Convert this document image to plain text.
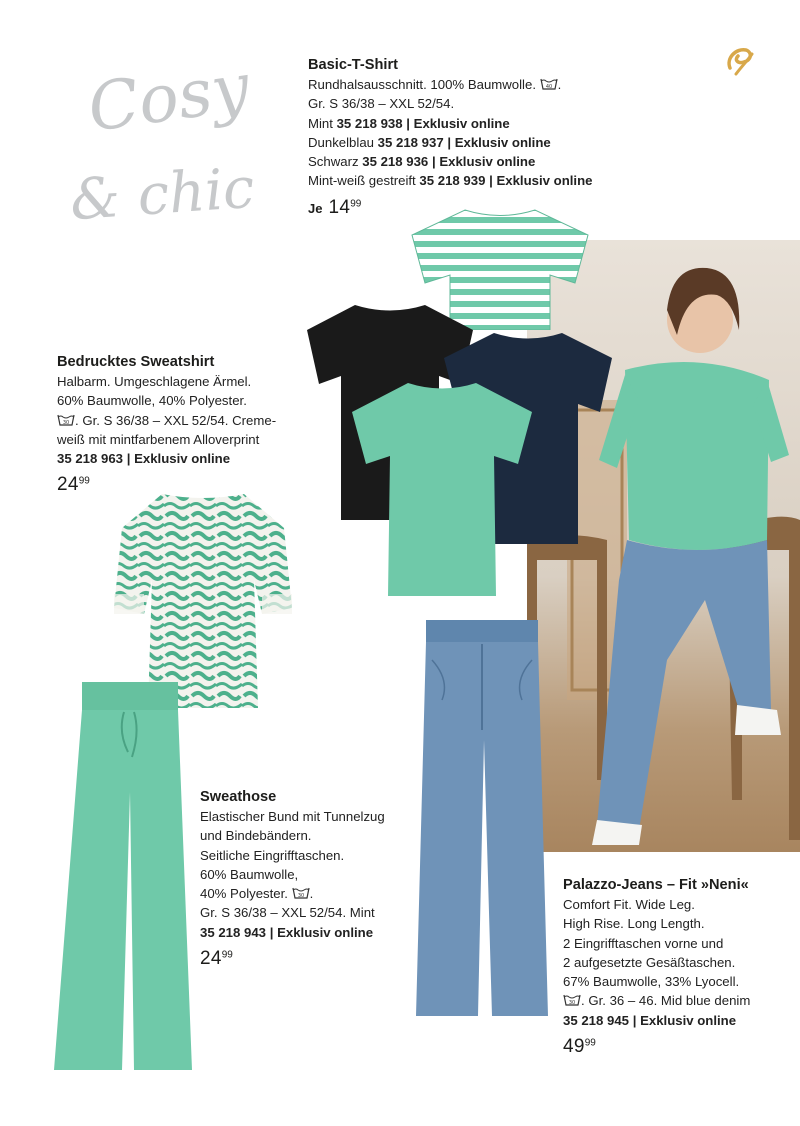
Cosy
& chic
Basic-T-Shirt
Rundhalsausschnitt. 100% Baumwolle. 40 .
Gr. S 36/38 – XXL 52/54.
Mint 35 218 938 | Exklusiv online
Dunkelblau 35 218 937 | Exklusiv online
Schwarz 35 218 936 | Exklusiv online
Mint-weiß gestreift 35 218 939 | Exklusiv online
Je $14^{99}$
Bedrucktes Sweatshirt
Halbarm. Umgeschlagene Ärmel.
60% Baumwolle, 40% Polyester.
30 . Gr. S 36/38 – XXL 52/54. Creme-
weiß mit mintfarbenem Alloverprint
35 218 963 | Exklusiv online
$24^{99}$
Sweathose
Elastischer Bund mit Tunnelzug
und Bindebändern.
Seitliche Eingrifftaschen.
60% Baumwolle,
40% Polyester. 30 .
Gr. S 36/38 – XXL 52/54. Mint
35 218 943 | Exklusiv online
$24^{99}$
Palazzo-Jeans – Fit »Neni«
Comfort Fit. Wide Leg.
High Rise. Long Length.
2 Eingrifftaschen vorne und
2 aufgesetzte Gesäßtaschen.
67% Baumwolle, 33% Lyocell.
30 . Gr. 36 – 46. Mid blue denim
35 218 945 | Exklusiv online
$49^{99}$
